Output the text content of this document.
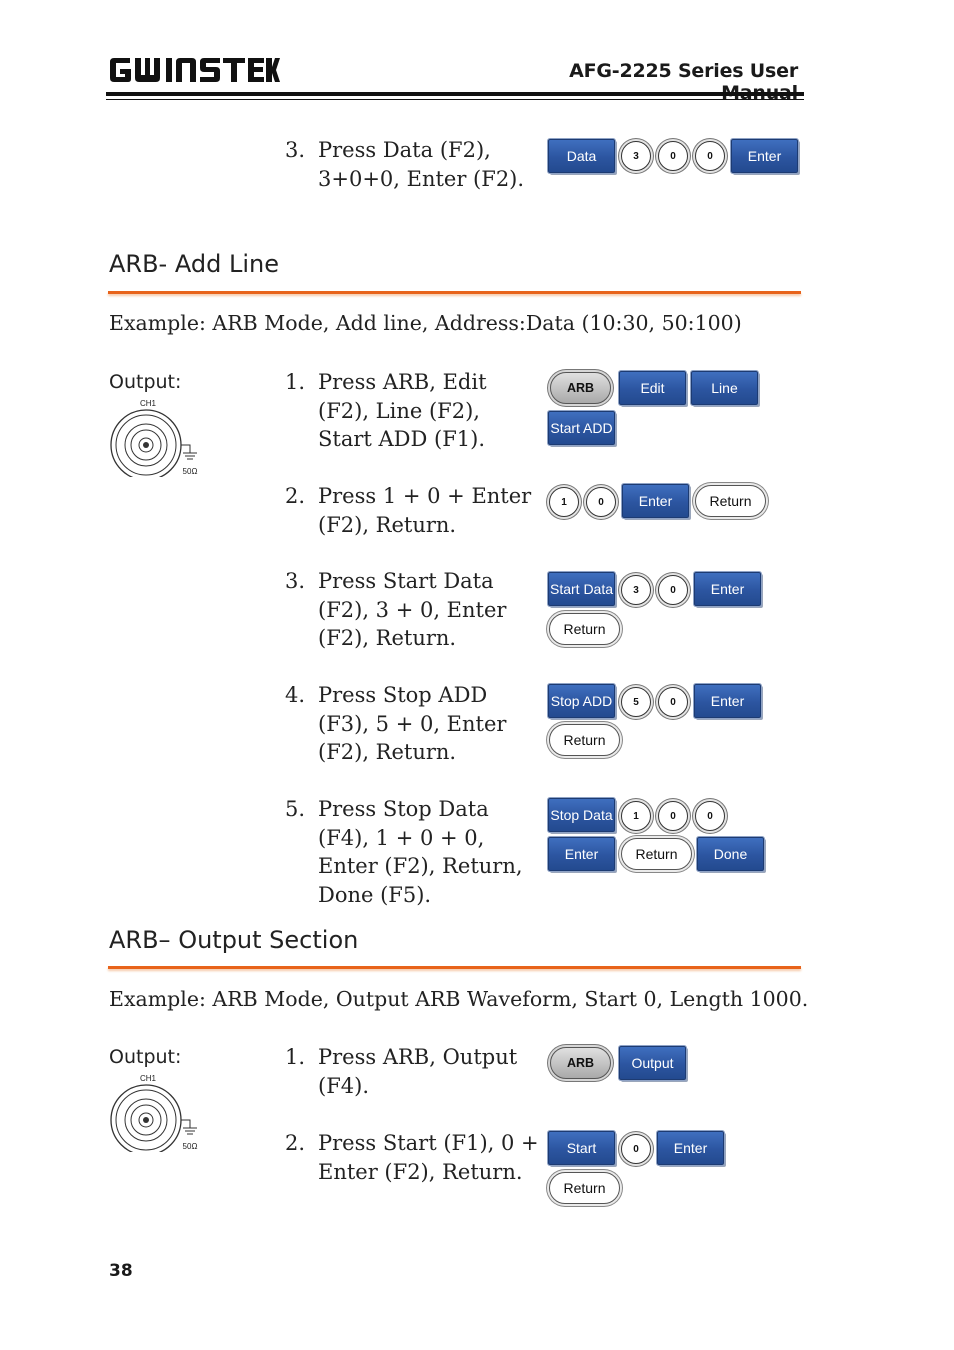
AFG-2225 Series User
3. Press Data (F2), 3+0+0, Enter (F2).
Data	3	0	0	Enter
ARB- Add Line
Example: ARB Mode, Add line, Address:Data (10:30, 50:100)
Output:
CH1
50Ω
1. Press ARB, Edit (F2), Line (F2), Start ADD (F1).
ARB	Edit	Line
Start ADD
2. Press 1 + 0 + Enter (F2), Return.
1	0	Enter	Return
3. Press Start Data (F2), 3 + 0, Enter (F2), Return.
Start Data	3	0	Enter
Return
4. Press Stop ADD (F3), 5 + 0, Enter (F2), Return.
Stop ADD	5	0	Enter
Return
5. Press Stop Data (F4), 1 + 0 + 0, Enter (F2), Return, Done (F5).
Stop Data	1	0	0
Enter	Return	Done
ARB– Output Section
Example: ARB Mode, Output ARB Waveform, Start 0, Length 1000.
Output:
CH1
50Ω
1. Press ARB, Output (F4).
ARB	Output
2. Press Start (F1), 0 + Enter (F2), Return.
Start	0	Enter
Return
38
